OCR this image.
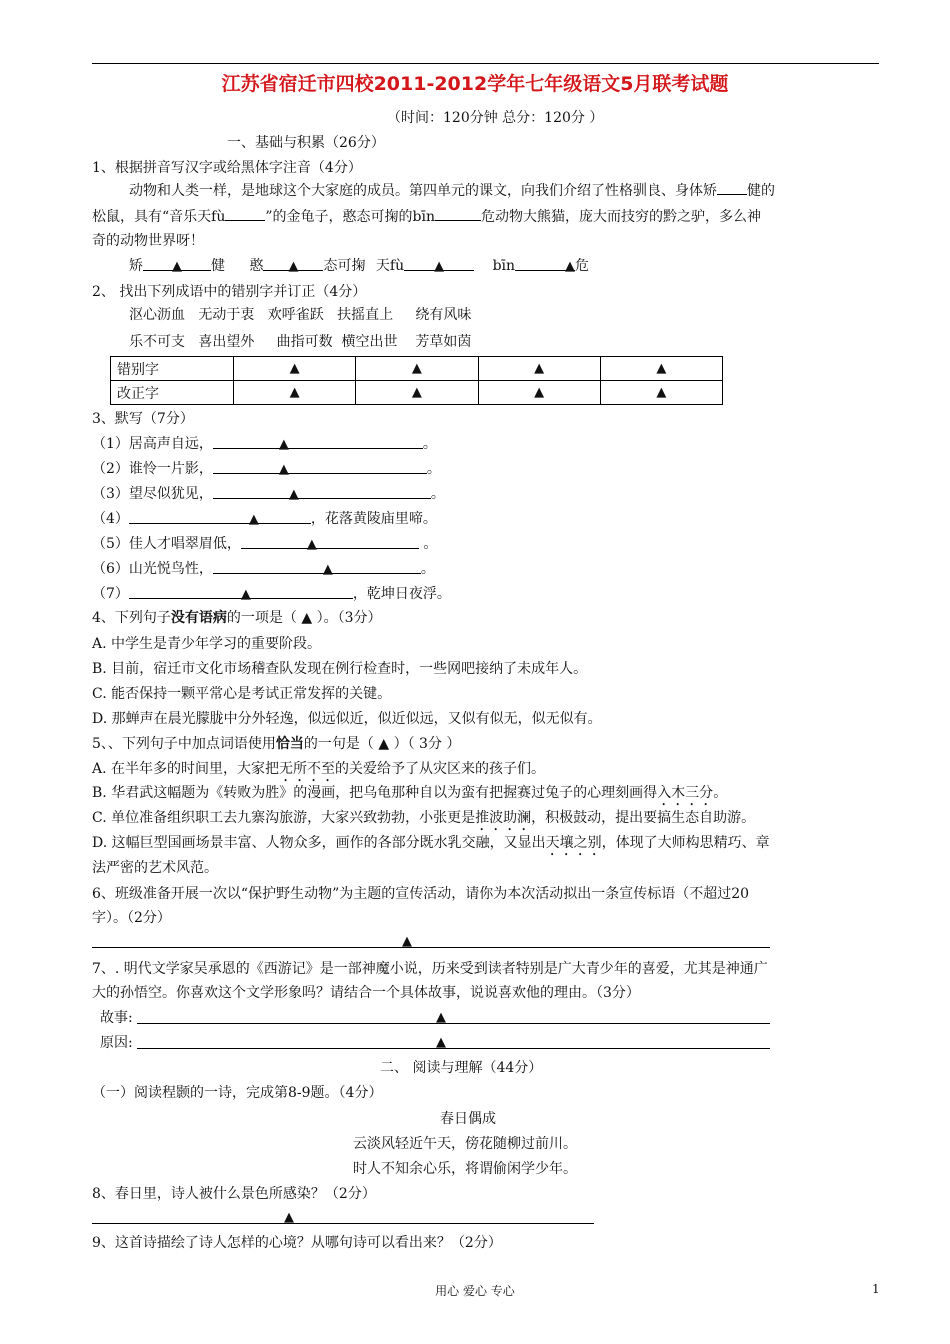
江苏省宿迁市四校2011-2012学年七年级语文5月联考试题
（时间：120分钟 总分：120分 ）
一、基础与积累（26分）
1、根据拼音写汉字或给黑体字注音（4分）
动物和人类一样，是地球这个大家庭的成员。第四单元的课文，向我们介绍了性格驯良、身体矫 健的
松鼠，具有“音乐天fù	”的金龟子，憨态可掬的bīn	危动物大熊猫，庞大而技穷的黔之驴，多么神
奇的动物世界呀！
矫 ▲ 健 憨 ▲ 态可掬 天fù ▲	bīn	▲危
2、 找出下列成语中的错别字并订正（4分）
沤心沥血 无动于衷 欢呼雀跃 扶摇直上 绕有风味
乐不可支 喜出望外 曲指可数 横空出世 芳草如茵
错别字	▲	▲	▲	▲
改正字	▲	▲	▲	▲
3、默写（7分）
（1）居高声自远，	▲	。
（2）谁怜一片影，	▲	。
（3）望尽似犹见，	▲	。
（4）	▲	，花落黄陵庙里啼。
（5）佳人才唱翠眉低，	▲	。
（6）山光悦鸟性，	▲	。
（7）	▲	，乾坤日夜浮。
4、下列句子没有语病的一项是（ ▲ ）。（3分）
A. 中学生是青少年学习的重要阶段。
B. 目前，宿迁市文化市场稽查队发现在例行检查时，一些网吧接纳了未成年人。
C. 能否保持一颗平常心是考试正常发挥的关键。
D. 那蝉声在晨光朦胧中分外轻逸，似远似近，似近似远，又似有似无，似无似有。
5、、下列句子中加点词语使用恰当的一句是（ ▲ ）（ 3分 ）
A. 在半年多的时间里，大家把无所不至的关爱给予了从灾区来的孩子们。
B. 华君武这幅题为《转败为胜》的漫画，把乌龟那种自以为蛮有把握赛过兔子的心理刻画得入木三分。
C. 单位准备组织职工去九寨沟旅游，大家兴致勃勃，小张更是推波助澜，积极鼓动，提出要搞生态自助游。
D. 这幅巨型国画场景丰富、人物众多，画作的各部分既水乳交融，又显出天壤之别，体现了大师构思精巧、章
法严密的艺术风范。
6、班级准备开展一次以“保护野生动物”为主题的宣传活动，请你为本次活动拟出一条宣传标语（不超过20
字）。（2分）
▲
7、. 明代文学家吴承恩的《西游记》是一部神魔小说，历来受到读者特别是广大青少年的喜爱，尤其是神通广
大的孙悟空。你喜欢这个文学形象吗？请结合一个具体故事，说说喜欢他的理由。（3分）
故事:	▲
原因:	▲
二、 阅读与理解（44分）
（一）阅读程颢的一诗，完成第8-9题。（4分）
春日偶成
云淡风轻近午天，傍花随柳过前川。
时人不知余心乐，将谓偷闲学少年。
8、春日里，诗人被什么景色所感染？（2分）
▲
9、这首诗描绘了诗人怎样的心境？从哪句诗可以看出来？（2分）
用心 爱心 专心	1
